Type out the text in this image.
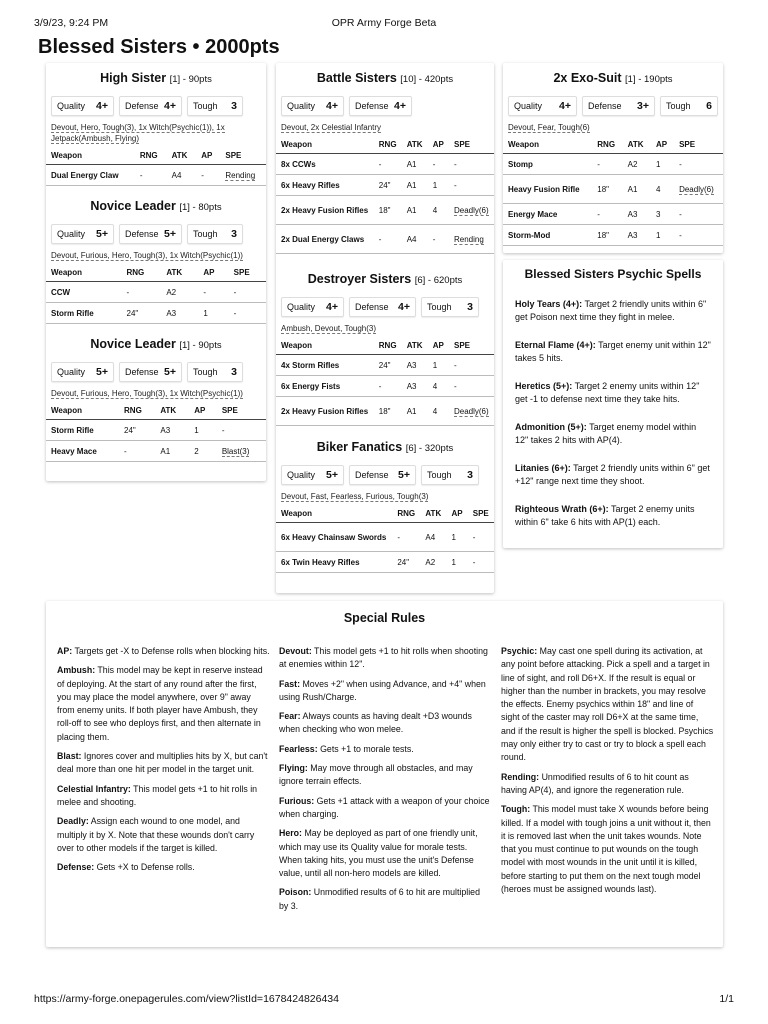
3/9/23, 9:24 PM	OPR Army Forge Beta
Blessed Sisters • 2000pts
High Sister [1] - 90pts
Quality 4+ Defense 4+ Tough 3
Devout, Hero, Tough(3), 1x Witch(Psychic(1)), 1x Jetpack(Ambush, Flying)
Weapon	RNG	ATK	AP	SPE
Dual Energy Claw	-	A4	-	Rending
Novice Leader [1] - 80pts
Quality 5+ Defense 5+ Tough 3
Devout, Furious, Hero, Tough(3), 1x Witch(Psychic(1))
Weapon	RNG	ATK	AP	SPE
CCW	-	A2	-	-
Storm Rifle	24"	A3	1	-
Novice Leader [1] - 90pts
Quality 5+ Defense 5+ Tough 3
Devout, Furious, Hero, Tough(3), 1x Witch(Psychic(1))
Weapon	RNG	ATK	AP	SPE
Storm Rifle	24"	A3	1	-
Heavy Mace	-	A1	2	Blast(3)
Battle Sisters [10] - 420pts
Quality 4+ Defense 4+
Devout, 2x Celestial Infantry
Weapon	RNG	ATK	AP	SPE
8x CCWs	-	A1	-	-
6x Heavy Rifles	24"	A1	1	-
2x Heavy Fusion Rifles	18"	A1	4	Deadly(6)
2x Dual Energy Claws	-	A4	-	Rending
Destroyer Sisters [6] - 620pts
Quality 4+ Defense 4+ Tough 3
Ambush, Devout, Tough(3)
Weapon	RNG	ATK	AP	SPE
4x Storm Rifles	24"	A3	1	-
6x Energy Fists	-	A3	4	-
2x Heavy Fusion Rifles	18"	A1	4	Deadly(6)
Biker Fanatics [6] - 320pts
Quality 5+ Defense 5+ Tough 3
Devout, Fast, Fearless, Furious, Tough(3)
Weapon	RNG	ATK	AP	SPE
6x Heavy Chainsaw Swords	-	A4	1	-
6x Twin Heavy Rifles	24"	A2	1	-
2x Exo-Suit [1] - 190pts
Quality 4+ Defense 3+ Tough 6
Devout, Fear, Tough(6)
Weapon	RNG	ATK	AP	SPE
Stomp	-	A2	1	-
Heavy Fusion Rifle	18"	A1	4	Deadly(6)
Energy Mace	-	A3	3	-
Storm-Mod	18"	A3	1	-
Blessed Sisters Psychic Spells
Holy Tears (4+): Target 2 friendly units within 6" get Poison next time they fight in melee.
Eternal Flame (4+): Target enemy unit within 12" takes 5 hits.
Heretics (5+): Target 2 enemy units within 12" get -1 to defense next time they take hits.
Admonition (5+): Target enemy model within 12" takes 2 hits with AP(4).
Litanies (6+): Target 2 friendly units within 6" get +12" range next time they shoot.
Righteous Wrath (6+): Target 2 enemy units within 6" take 6 hits with AP(1) each.
Special Rules

AP: Targets get -X to Defense rolls when blocking hits.

Ambush: This model may be kept in reserve instead of deploying. At the start of any round after the first, you may place the model anywhere, over 9" away from enemy units. If both player have Ambush, they roll-off to see who deploys first, and then alternate in placing them.

Blast: Ignores cover and multiplies hits by X, but can't deal more than one hit per model in the target unit.

Celestial Infantry: This model gets +1 to hit rolls in melee and shooting.

Deadly: Assign each wound to one model, and multiply it by X. Note that these wounds don't carry over to other models if the target is killed.

Defense: Gets +X to Defense rolls.

Devout: This model gets +1 to hit rolls when shooting at enemies within 12".

Fast: Moves +2" when using Advance, and +4" when using Rush/Charge.

Fear: Always counts as having dealt +D3 wounds when checking who won melee.

Fearless: Gets +1 to morale tests.

Flying: May move through all obstacles, and may ignore terrain effects.

Furious: Gets +1 attack with a weapon of your choice when charging.

Hero: May be deployed as part of one friendly unit, which may use its Quality value for morale tests. When taking hits, you must use the unit's Defense value, until all non-hero models are killed.

Poison: Unmodified results of 6 to hit are multiplied by 3.

Psychic: May cast one spell during its activation, at any point before attacking. Pick a spell and a target in line of sight, and roll D6+X. If the result is equal or higher than the number in brackets, you may resolve the effects. Enemy psychics within 18" and line of sight of the caster may roll D6+X at the same time, and if the result is higher the spell is blocked. Psychics may only either try to cast or try to block a spell each round.

Rending: Unmodified results of 6 to hit count as having AP(4), and ignore the regeneration rule.

Tough: This model must take X wounds before being killed. If a model with tough joins a unit without it, then it is removed last when the unit takes wounds. Note that you must continue to put wounds on the tough model with most wounds in the unit until it is killed, before starting to put them on the next tough model (heroes must be assigned wounds last).

https://army-forge.onepagerules.com/view?listId=1678424826434	1/1
